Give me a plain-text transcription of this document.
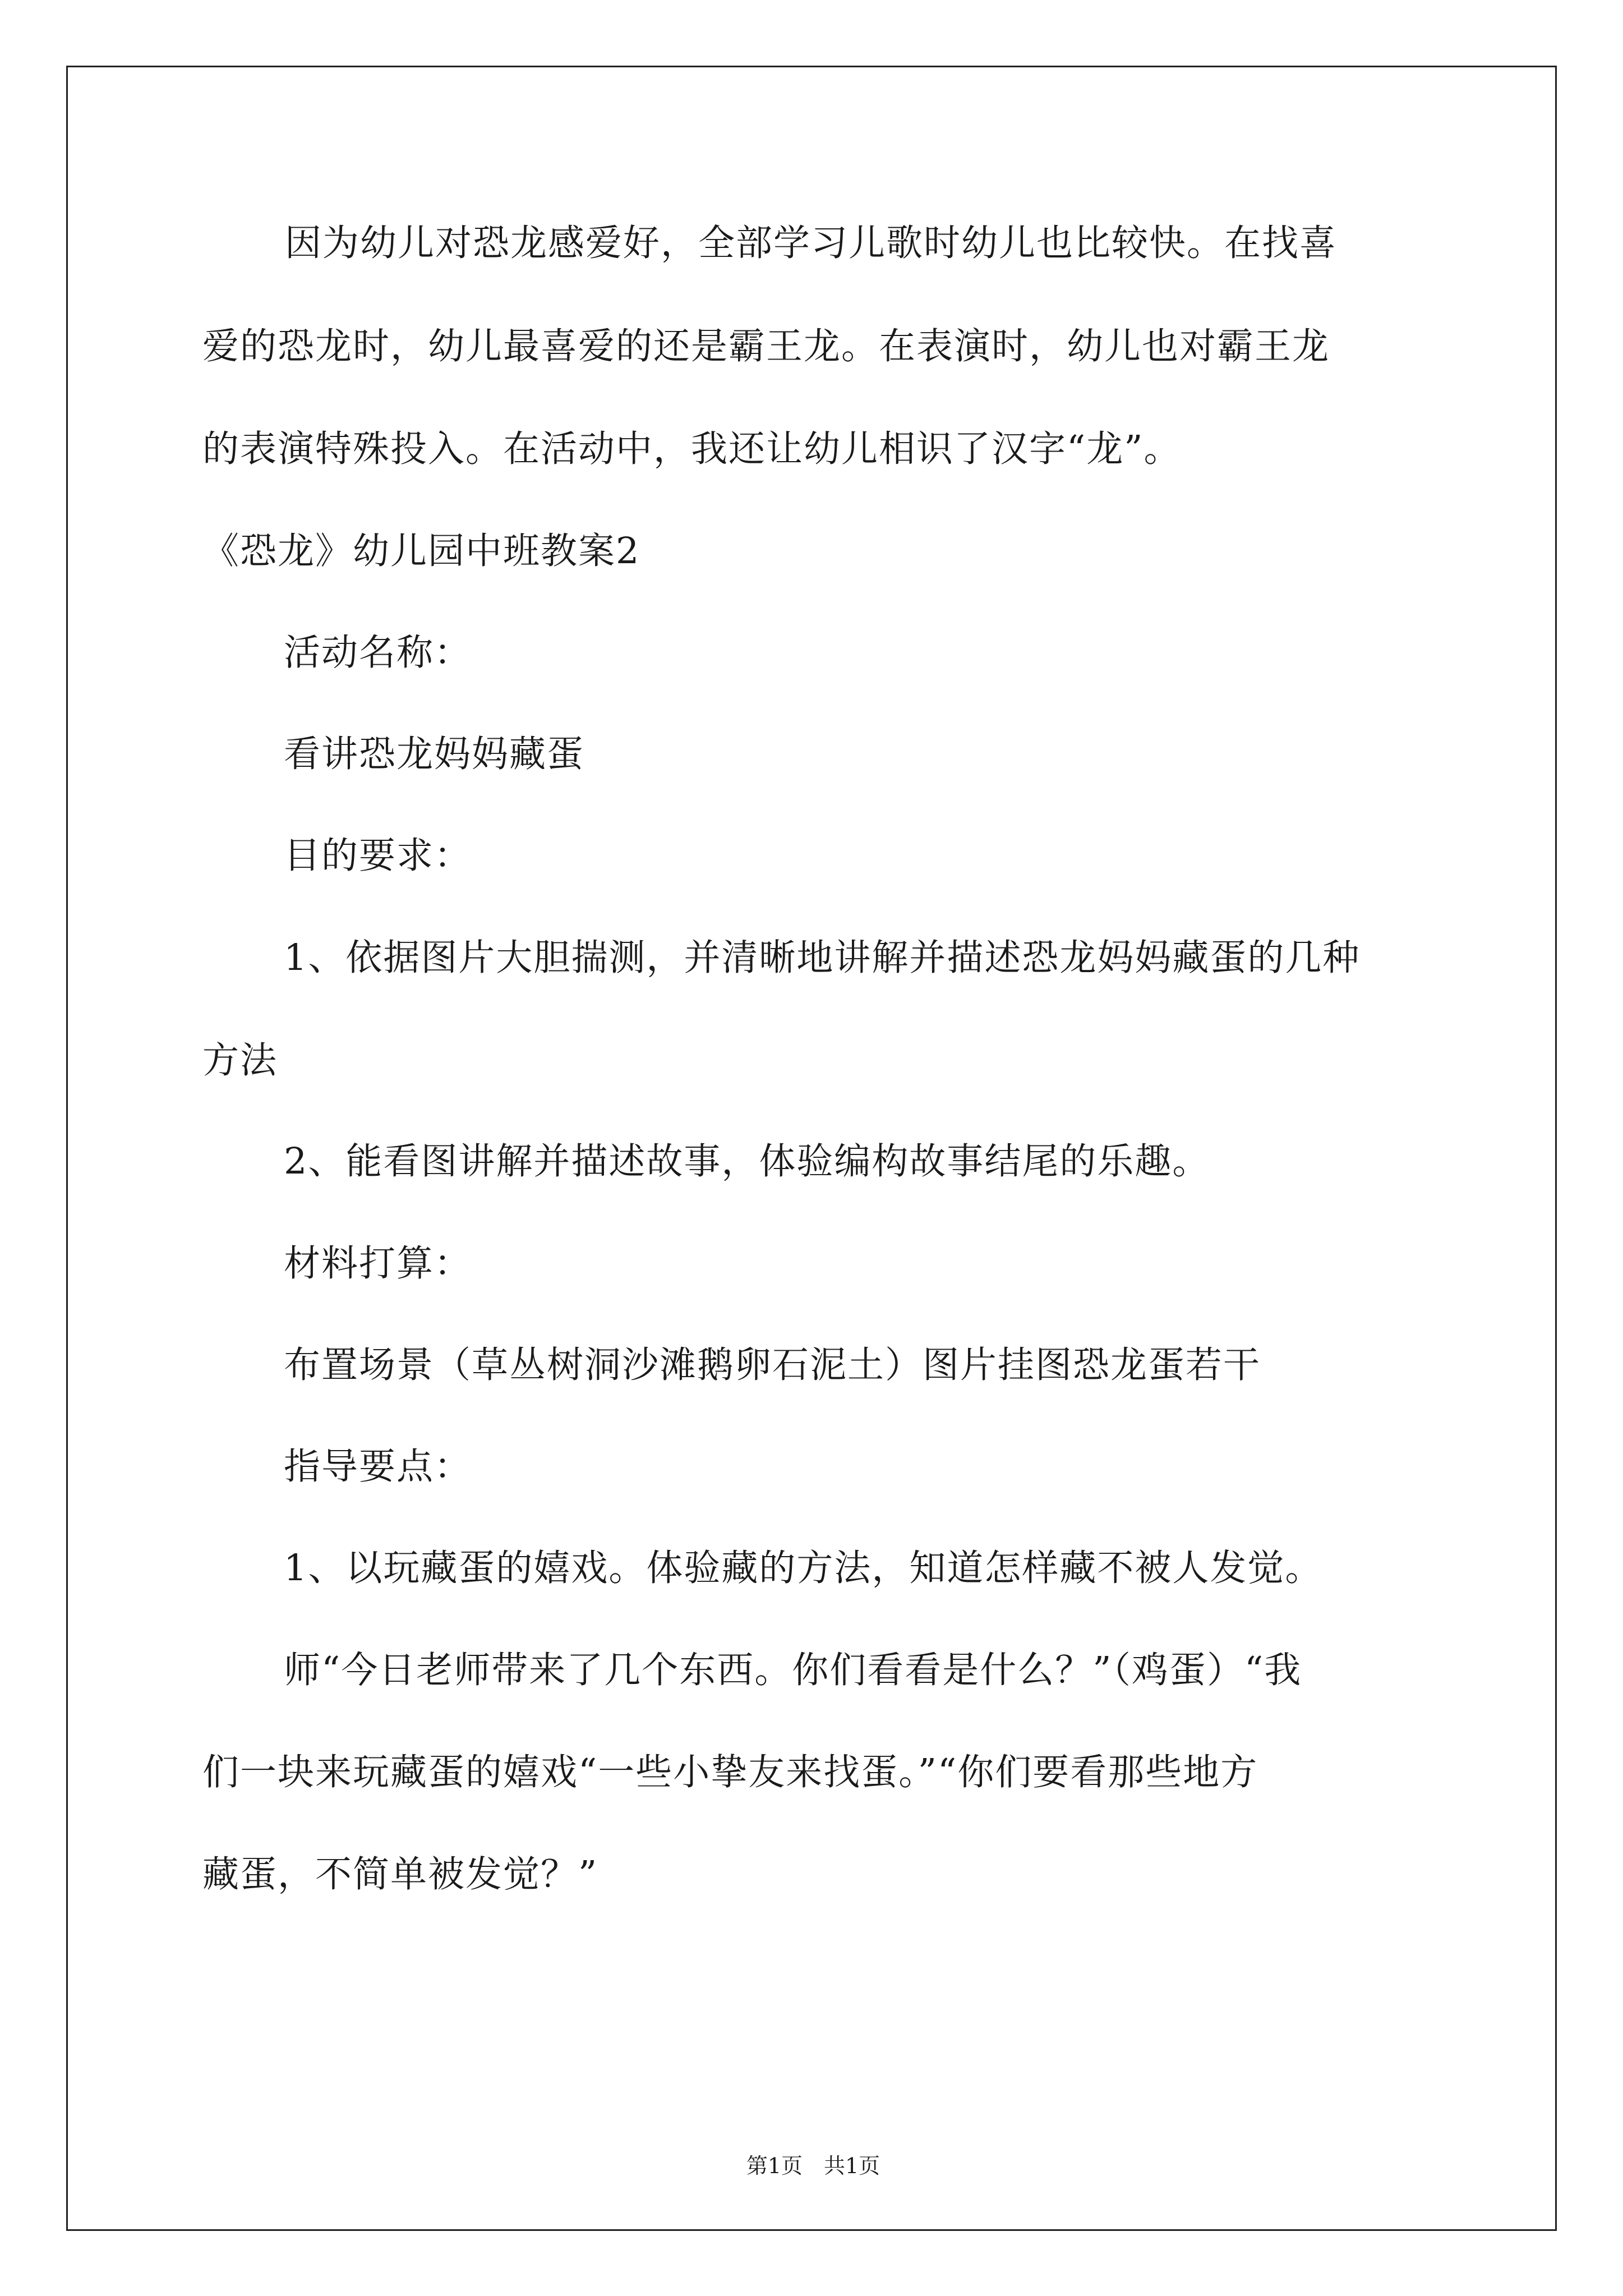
因为幼儿对恐龙感爱好，全部学习儿歌时幼儿也比较快。在找喜
爱的恐龙时，幼儿最喜爱的还是霸王龙。在表演时，幼儿也对霸王龙
的表演特殊投入。在活动中，我还让幼儿相识了汉字“龙”。
《恐龙》幼儿园中班教案2
活动名称：
看讲恐龙妈妈藏蛋
目的要求：
1、依据图片大胆揣测，并清晰地讲解并描述恐龙妈妈藏蛋的几种
方法
2、能看图讲解并描述故事，体验编构故事结尾的乐趣。
材料打算：
布置场景（草丛树洞沙滩鹅卵石泥土）图片挂图恐龙蛋若干
指导要点：
1、以玩藏蛋的嬉戏。体验藏的方法，知道怎样藏不被人发觉。
师“今日老师带来了几个东西。你们看看是什么？”（鸡蛋）“我
们一块来玩藏蛋的嬉戏“一些小挚友来找蛋。”“你们要看那些地方
藏蛋，不简单被发觉？”
第1页　共1页
